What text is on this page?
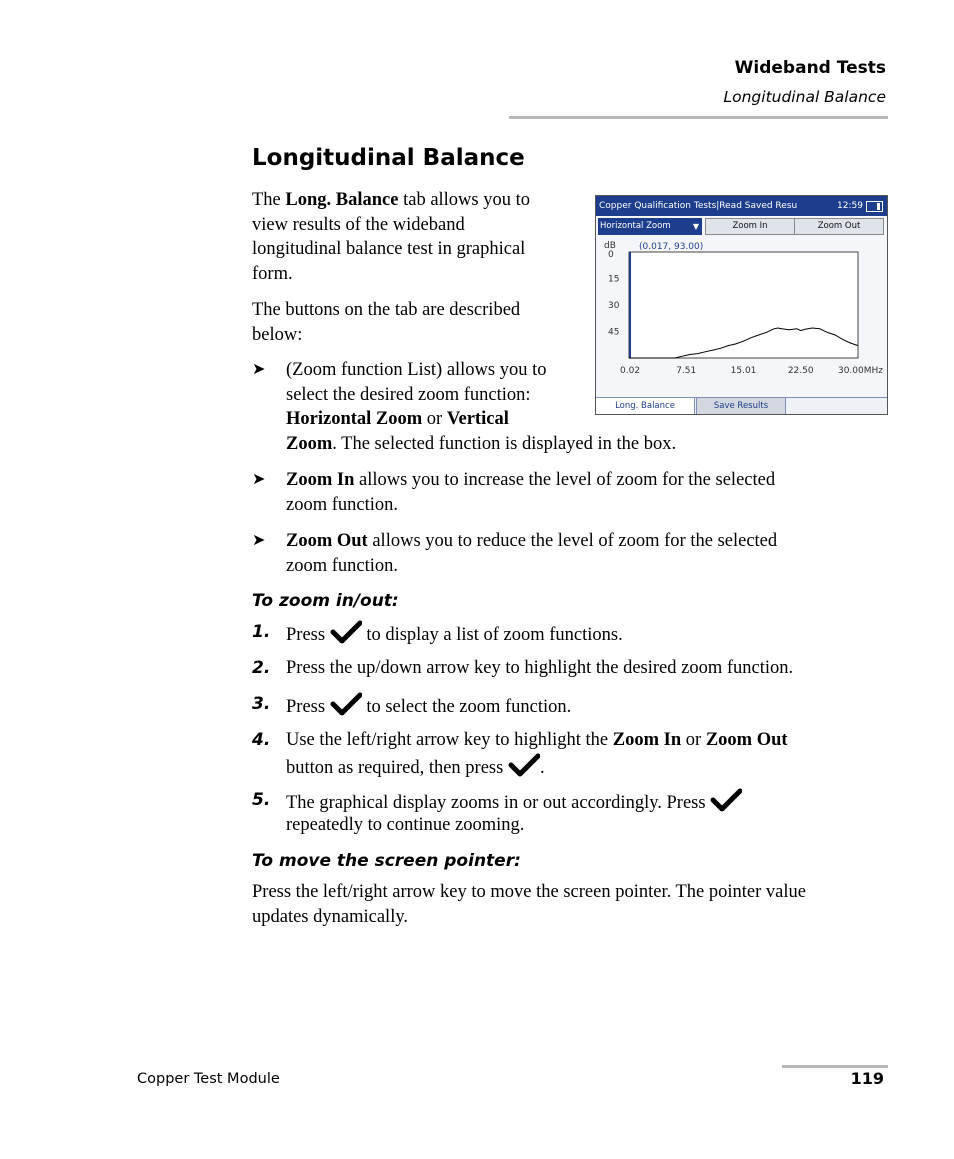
Wideband Tests
Longitudinal Balance
Longitudinal Balance
The Long. Balance tab allows you to
view results of the wideband
longitudinal balance test in graphical
form.
The buttons on the tab are described
below:
➤ (Zoom function List) allows you to
select the desired zoom function:
Horizontal Zoom or Vertical
Zoom. The selected function is displayed in the box.
➤ Zoom In allows you to increase the level of zoom for the selected
zoom function.
➤ Zoom Out allows you to reduce the level of zoom for the selected
zoom function.
To zoom in/out:
1. Press  to display a list of zoom functions.
2. Press the up/down arrow key to highlight the desired zoom function.
3. Press  to select the zoom function.
4. Use the left/right arrow key to highlight the Zoom In or Zoom Out
button as required, then press .
5. The graphical display zooms in or out accordingly. Press
repeatedly to continue zooming.
To move the screen pointer:
Press the left/right arrow key to move the screen pointer. The pointer value
updates dynamically.
Copper Qualification Tests|Read Saved Resu	12:59
Horizontal Zoom	▼	Zoom In	Zoom Out
dB
0
15
30
45
0.02	7.51	15.01	22.50	30.00MHz
(0.017, 93.00)
Long. Balance	Save Results
Copper Test Module	119
